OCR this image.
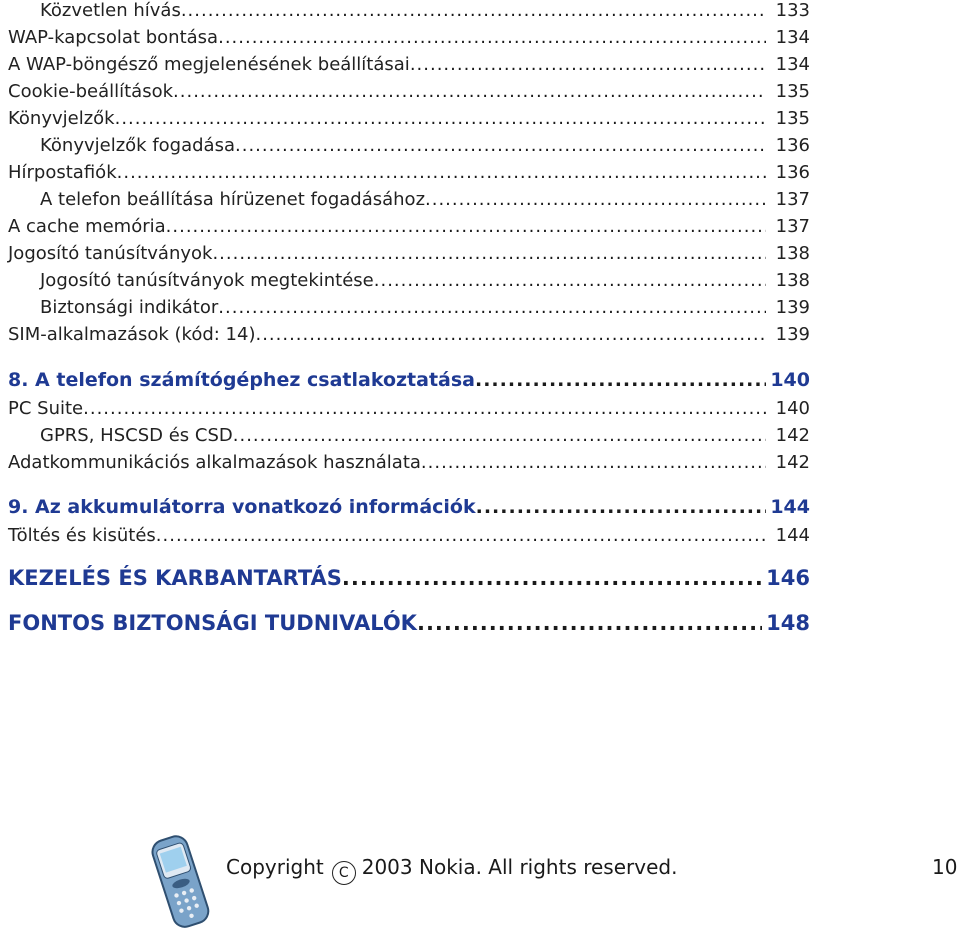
Közvetlen hívás .....	133
WAP-kapcsolat bontása .....	134
A WAP-böngésző megjelenésének beállításai .....	134
Cookie-beállítások .....	135
Könyvjelzők .....	135
Könyvjelzők fogadása .....	136
Hírpostafiók .....	136
A telefon beállítása hírüzenet fogadásához .....	137
A cache memória .....	137
Jogosító tanúsítványok .....	138
Jogosító tanúsítványok megtekintése .....	138
Biztonsági indikátor .....	139
SIM-alkalmazások (kód: 14) .....	139
8. A telefon számítógéphez csatlakoztatása .....	140
PC Suite .....	140
GPRS, HSCSD és CSD .....	142
Adatkommunikációs alkalmazások használata .....	142
9. Az akkumulátorra vonatkozó információk .....	144
Töltés és kisütés .....	144
KEZELÉS ÉS KARBANTARTÁS .....	146
FONTOS BIZTONSÁGI TUDNIVALÓK .....	148
Copyright C 2003 Nokia. All rights reserved.	10
